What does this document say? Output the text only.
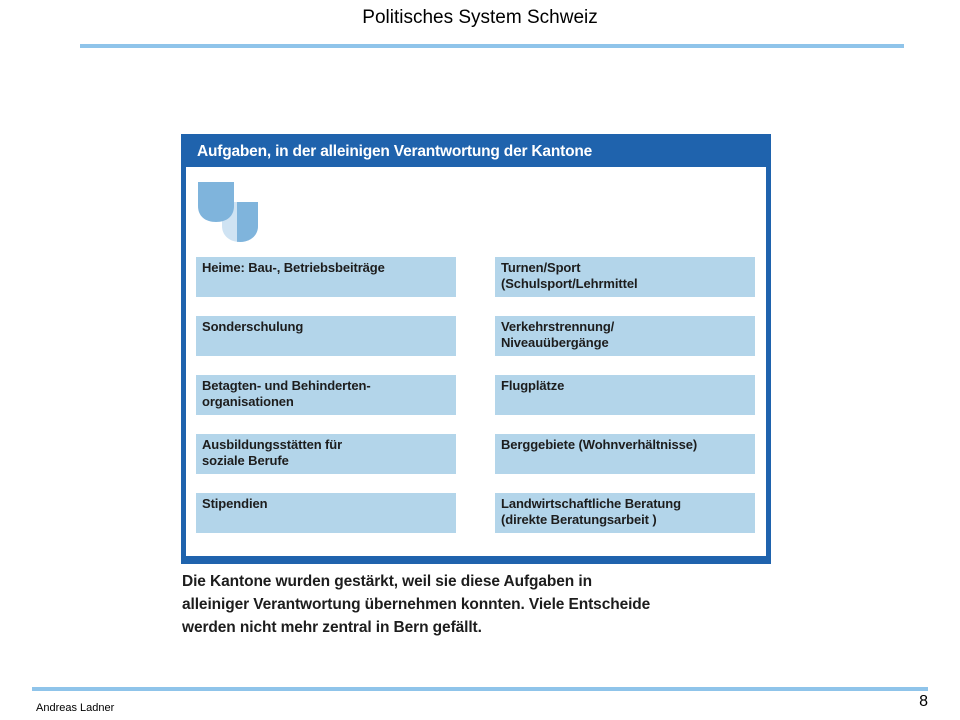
Politisches System Schweiz
Aufgaben, in der alleinigen Verantwortung der Kantone
Heime: Bau-, Betriebsbeiträge
Sonderschulung
Betagten- und Behinderten-
organisationen
Ausbildungsstätten für
soziale Berufe
Stipendien
Turnen/Sport
(Schulsport/Lehrmittel
Verkehrstrennung/
Niveauübergänge
Flugplätze
Berggebiete (Wohnverhältnisse)
Landwirtschaftliche Beratung
(direkte Beratungsarbeit )
Die Kantone wurden gestärkt, weil sie diese Aufgaben in
alleiniger Verantwortung übernehmen konnten. Viele Entscheide
werden nicht mehr zentral in Bern gefällt.
Andreas Ladner	8
